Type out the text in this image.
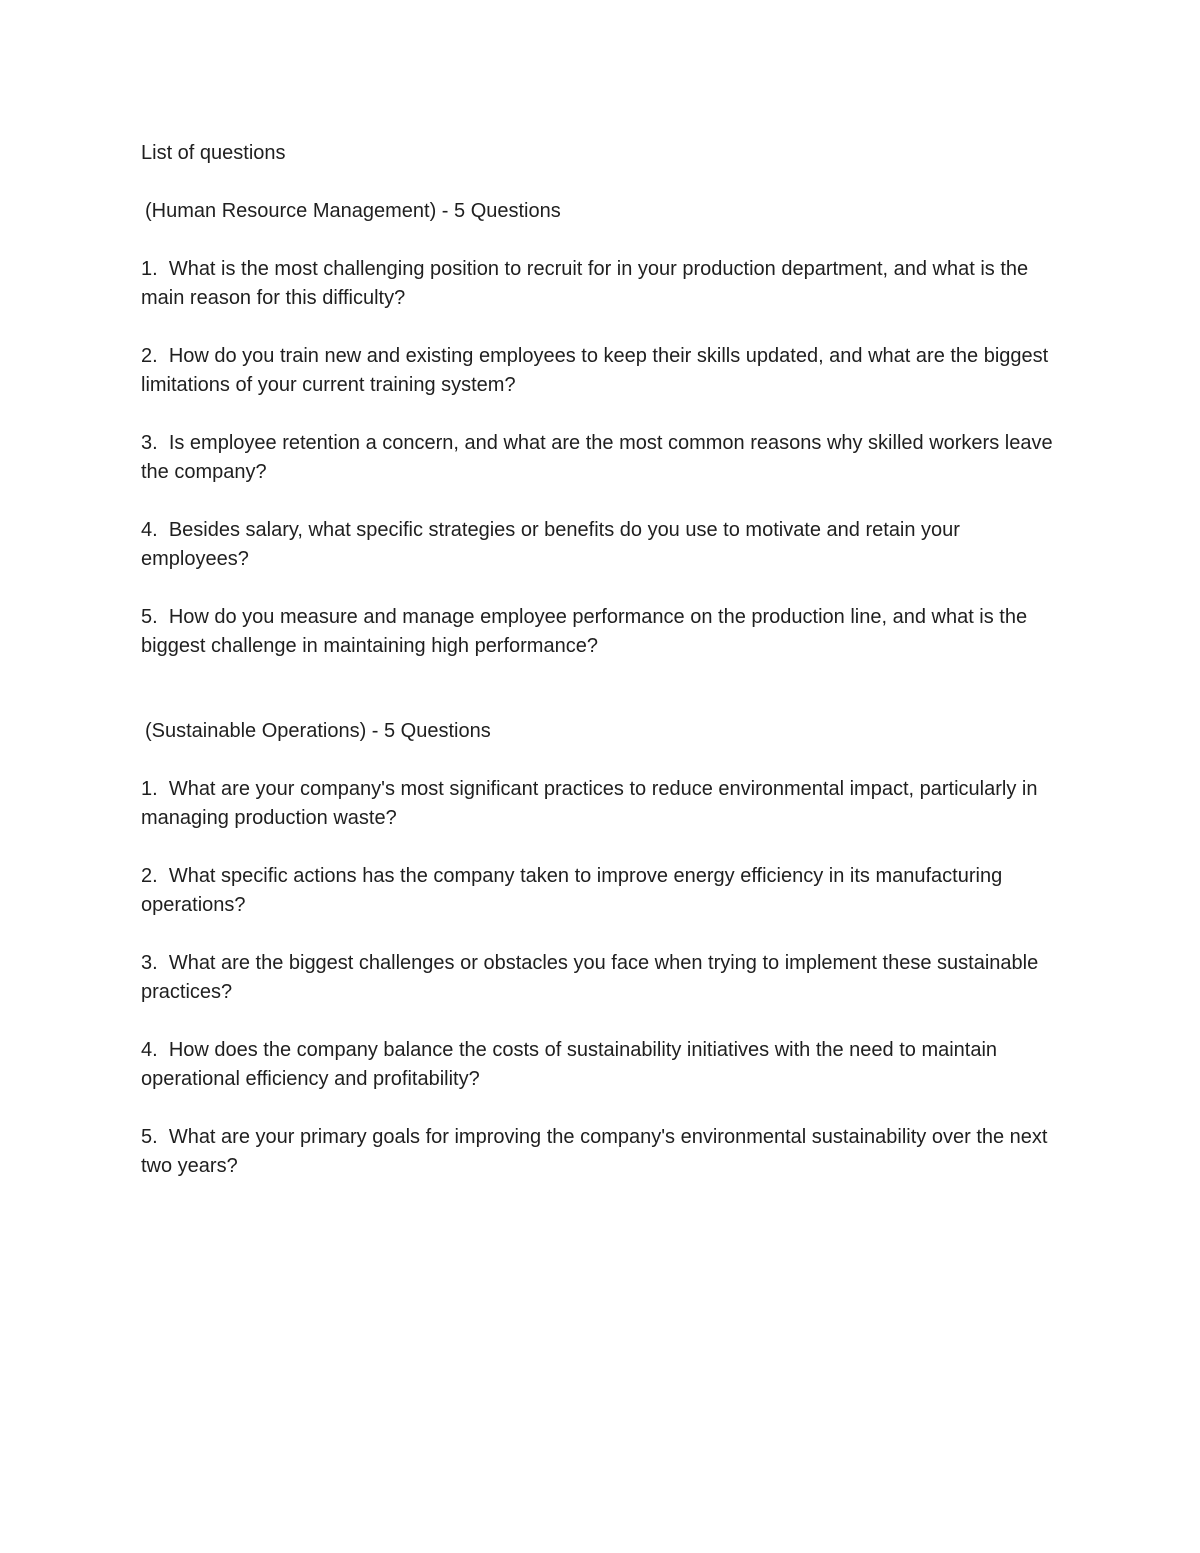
List of questions
(Human Resource Management) - 5 Questions
1. What is the most challenging position to recruit for in your production department, and what is the main reason for this difficulty?
2. How do you train new and existing employees to keep their skills updated, and what are the biggest limitations of your current training system?
3. Is employee retention a concern, and what are the most common reasons why skilled workers leave the company?
4. Besides salary, what specific strategies or benefits do you use to motivate and retain your employees?
5. How do you measure and manage employee performance on the production line, and what is the biggest challenge in maintaining high performance?
(Sustainable Operations) - 5 Questions
1. What are your company's most significant practices to reduce environmental impact, particularly in managing production waste?
2. What specific actions has the company taken to improve energy efficiency in its manufacturing operations?
3. What are the biggest challenges or obstacles you face when trying to implement these sustainable practices?
4. How does the company balance the costs of sustainability initiatives with the need to maintain operational efficiency and profitability?
5. What are your primary goals for improving the company's environmental sustainability over the next two years?
